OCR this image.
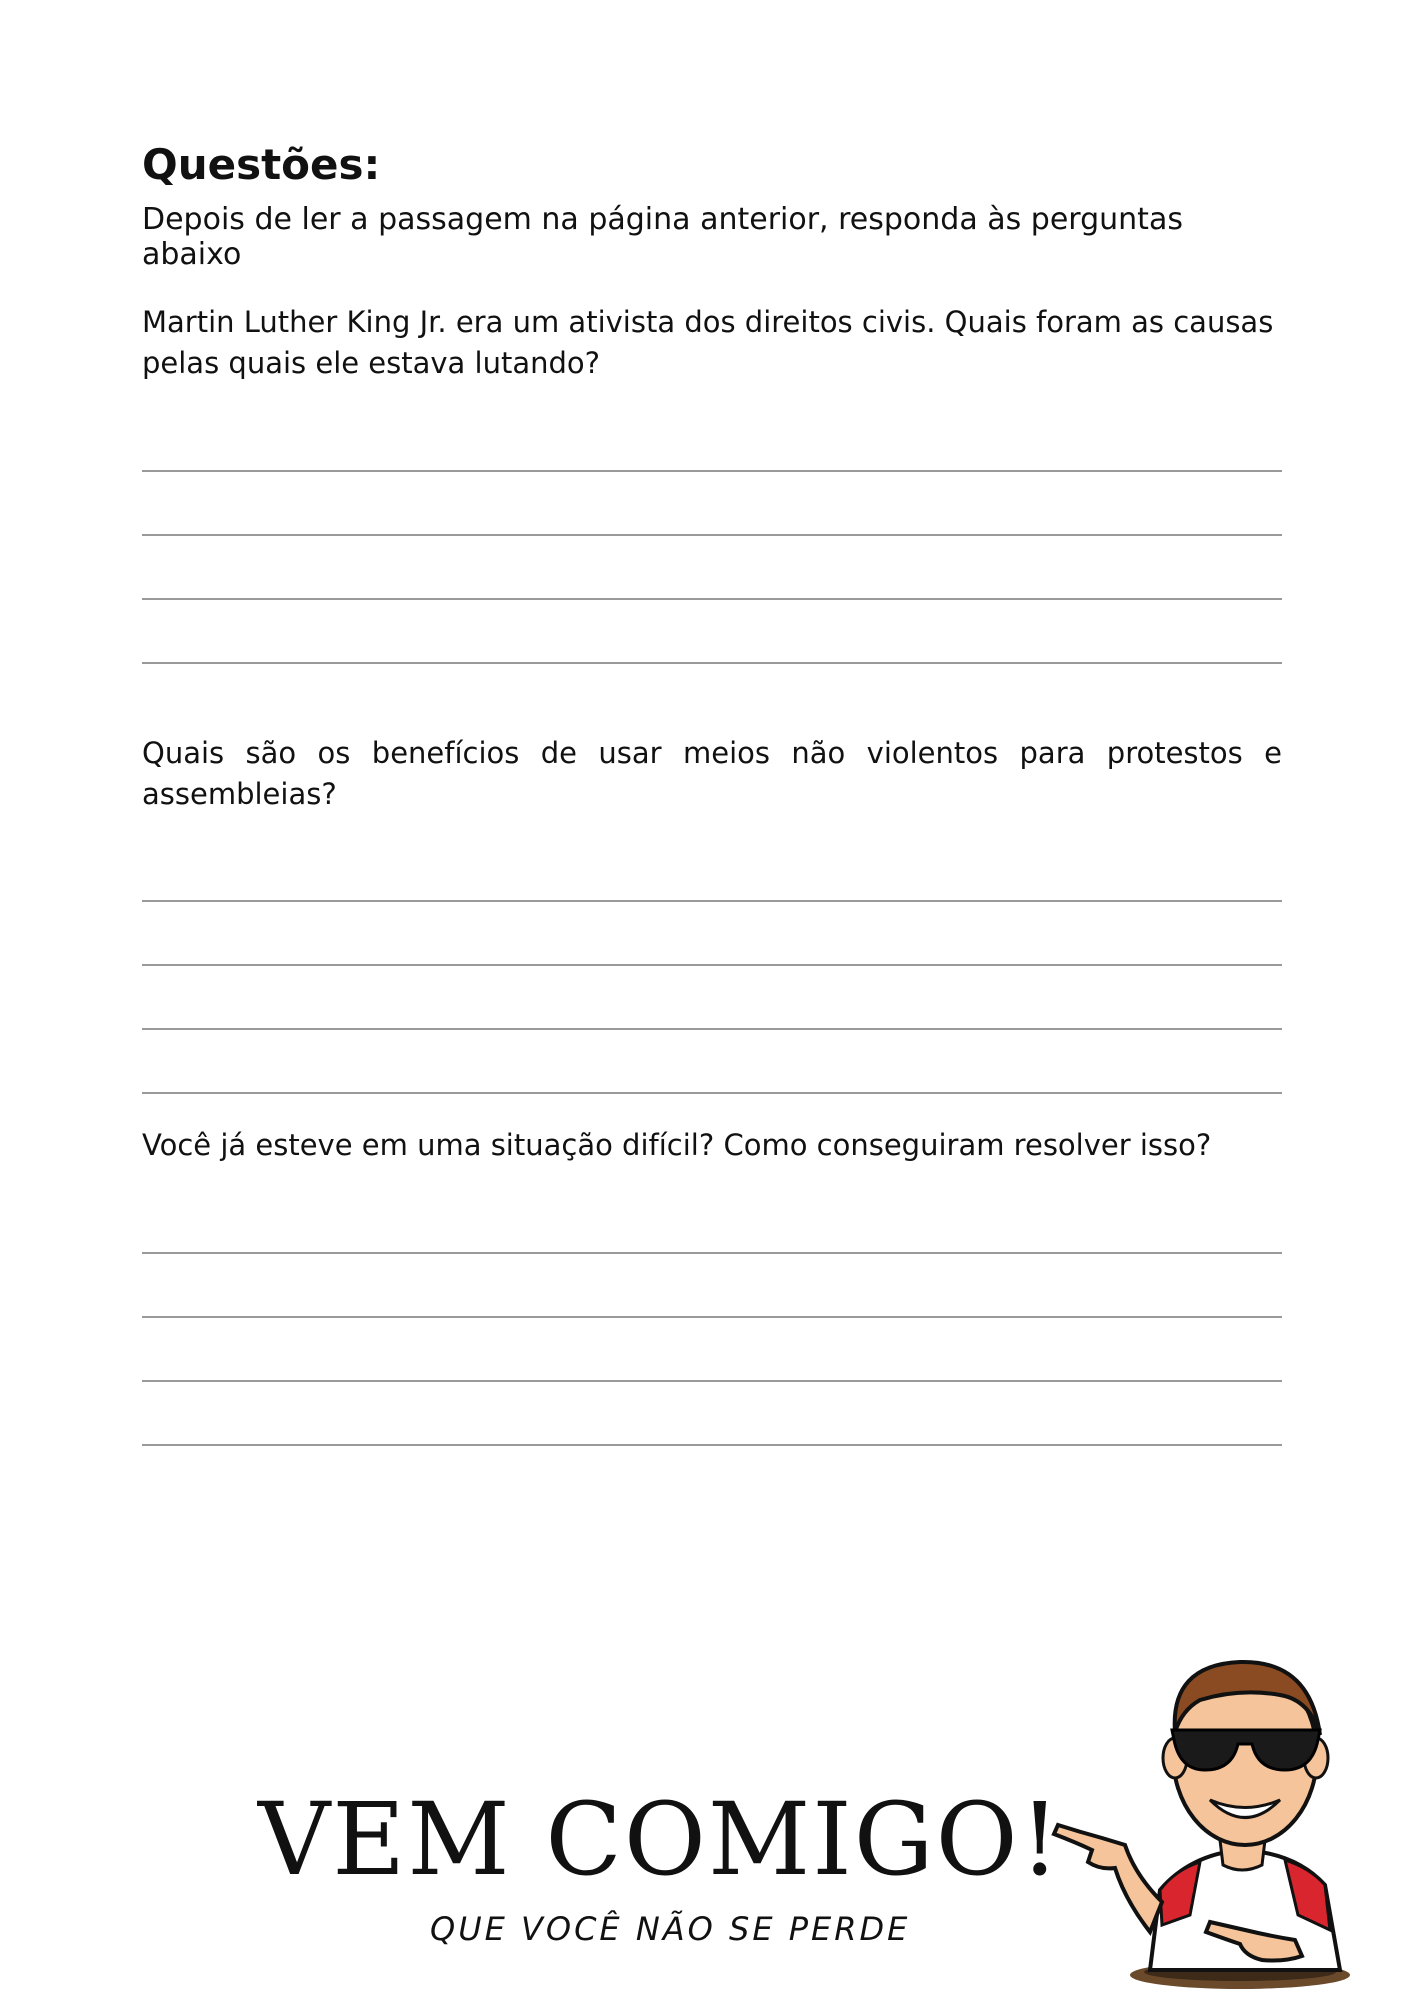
Questões:

Depois de ler a passagem na página anterior, responda às perguntas abaixo

Martin Luther King Jr. era um ativista dos direitos civis. Quais foram as causas pelas quais ele estava lutando?

Quais são os benefícios de usar meios não violentos para protestos e assembleias?

Você já esteve em uma situação difícil? Como conseguiram resolver isso?

VEM COMIGO!
QUE VOCÊ NÃO SE PERDE
